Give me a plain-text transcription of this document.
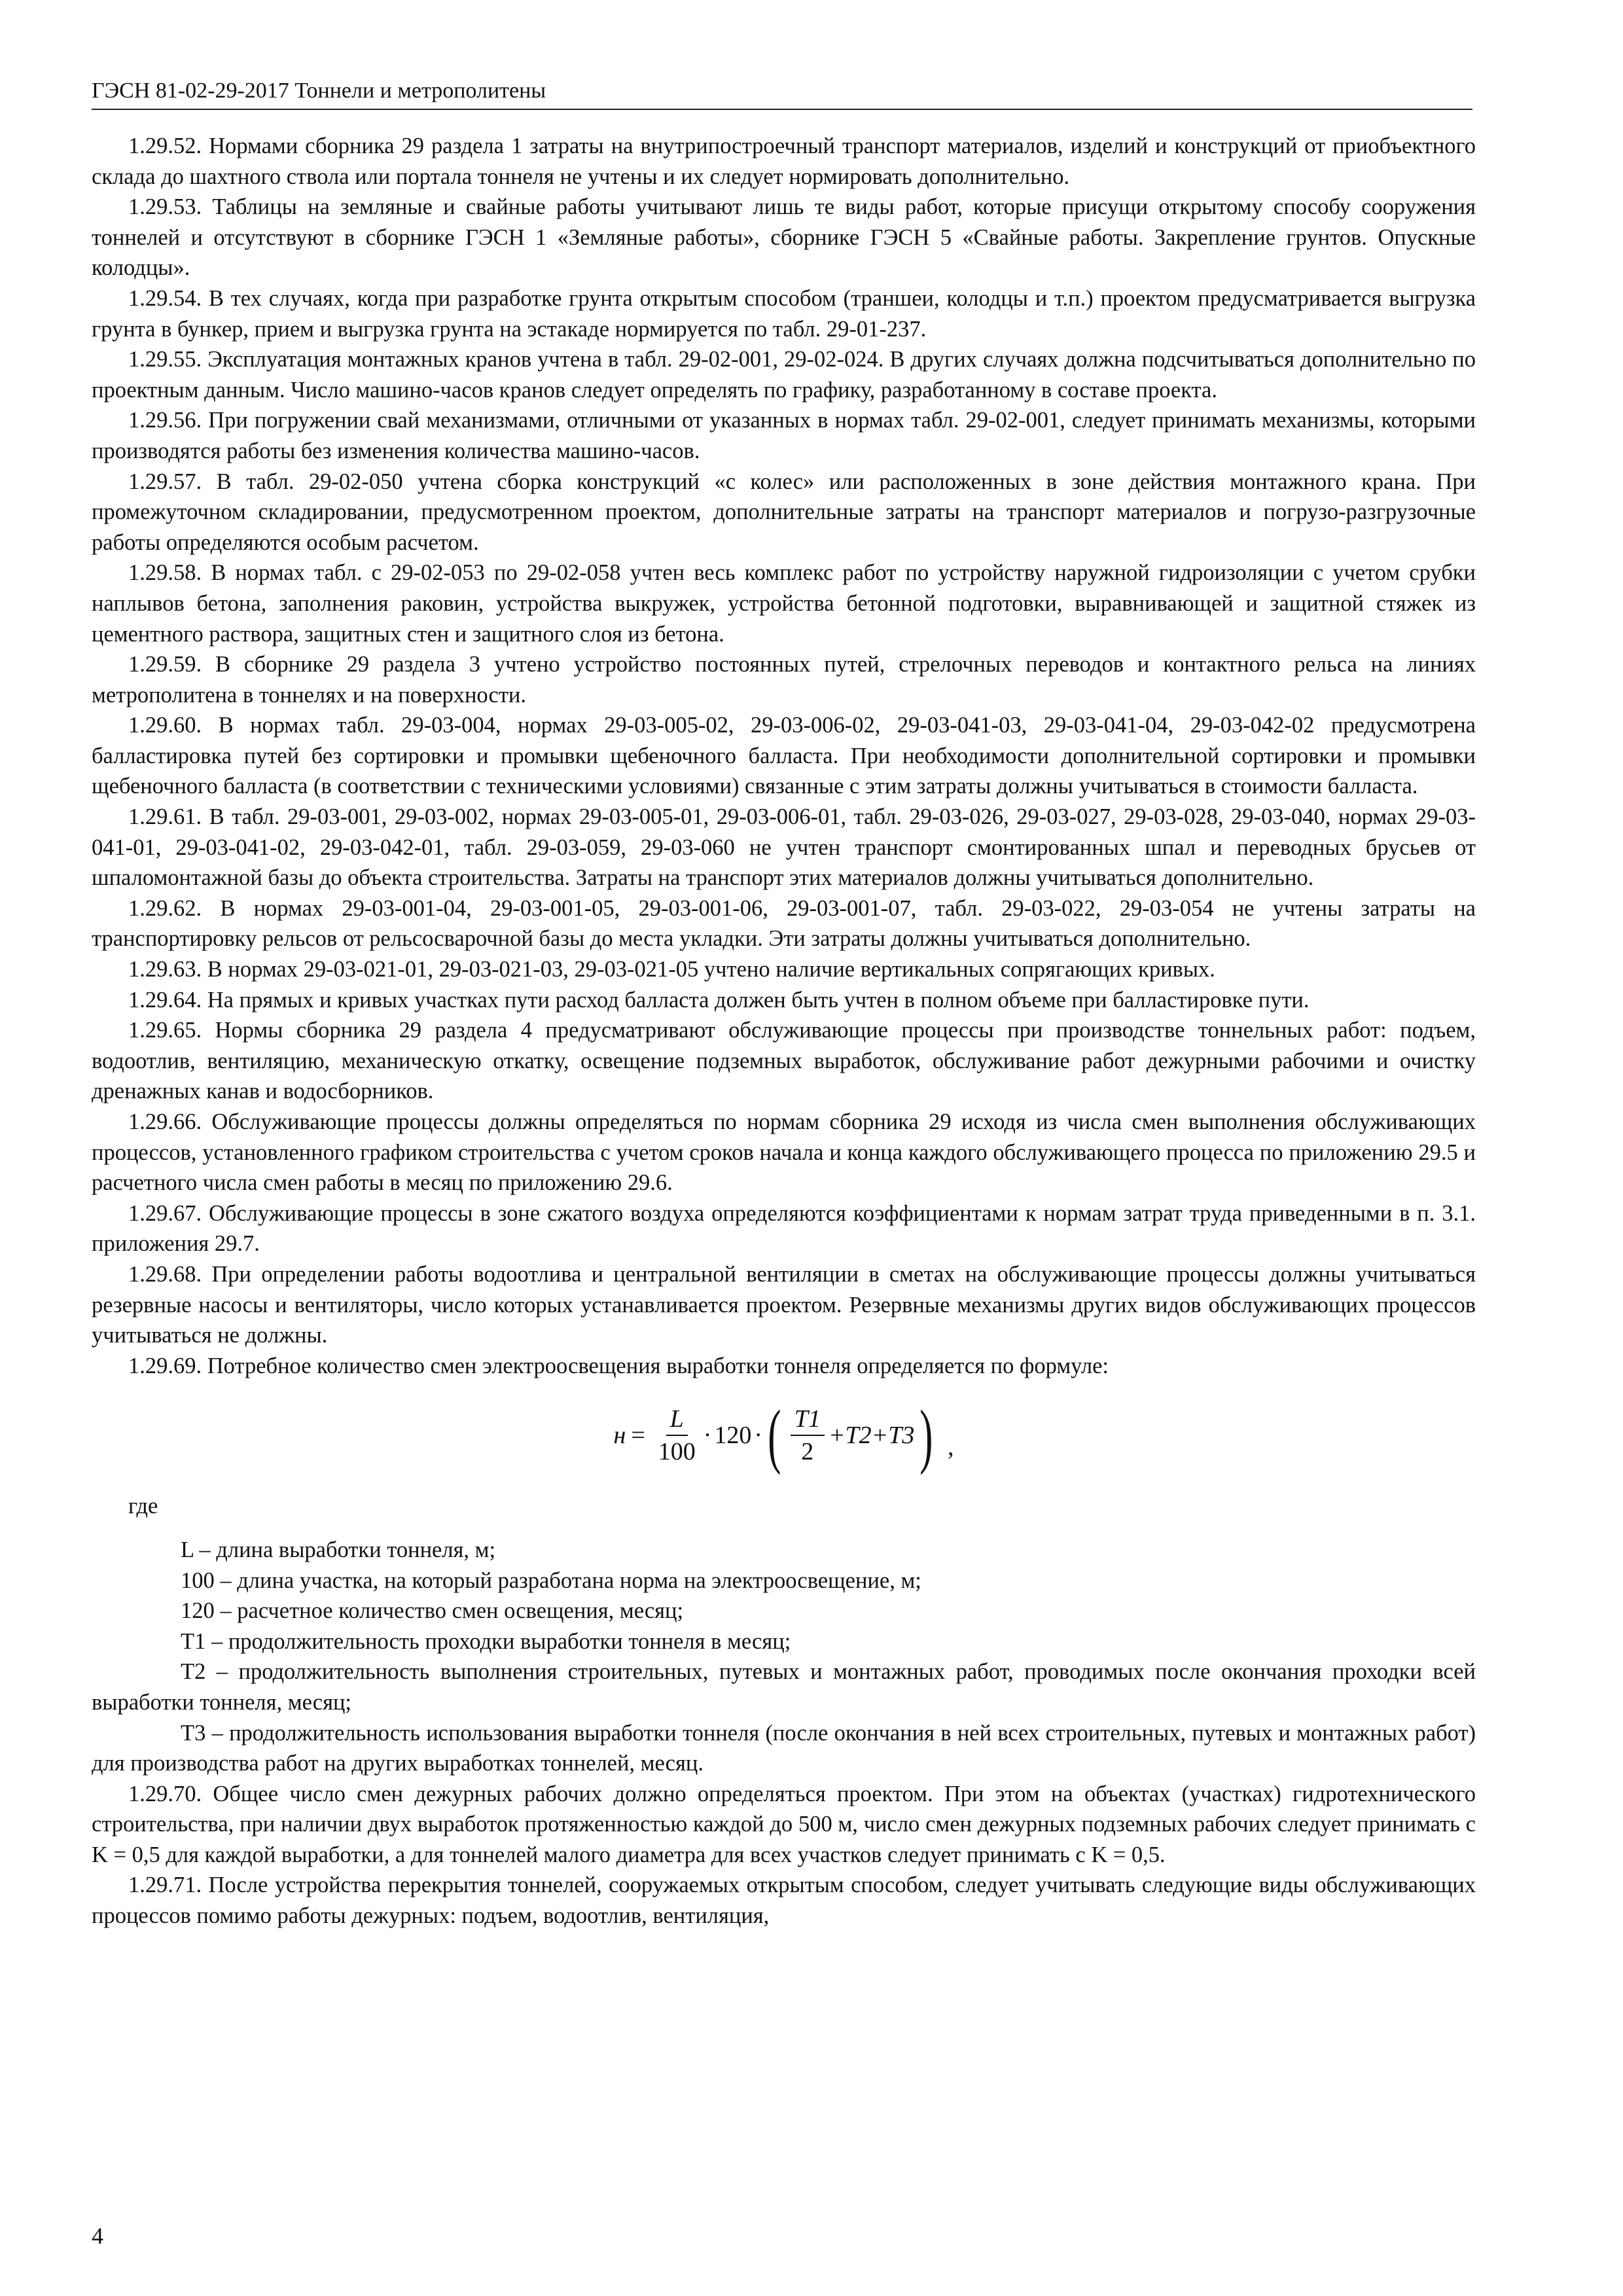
ГЭСН 81-02-29-2017 Тоннели и метрополитены

1.29.52. Нормами сборника 29 раздела 1 затраты на внутрипостроечный транспорт материалов, изделий и конструкций от приобъектного склада до шахтного ствола или портала тоннеля не учтены и их следует нормировать дополнительно.

1.29.53. Таблицы на земляные и свайные работы учитывают лишь те виды работ, которые присущи открытому способу сооружения тоннелей и отсутствуют в сборнике ГЭСН 1 «Земляные работы», сборнике ГЭСН 5 «Свайные работы. Закрепление грунтов. Опускные колодцы».

1.29.54. В тех случаях, когда при разработке грунта открытым способом (траншеи, колодцы и т.п.) проектом предусматривается выгрузка грунта в бункер, прием и выгрузка грунта на эстакаде нормируется по табл. 29-01-237.

1.29.55. Эксплуатация монтажных кранов учтена в табл. 29-02-001, 29-02-024. В других случаях должна подсчитываться дополнительно по проектным данным. Число машино-часов кранов следует определять по графику, разработанному в составе проекта.

1.29.56. При погружении свай механизмами, отличными от указанных в нормах табл. 29-02-001, следует принимать механизмы, которыми производятся работы без изменения количества машино-часов.

1.29.57. В табл. 29-02-050 учтена сборка конструкций «с колес» или расположенных в зоне действия монтажного крана. При промежуточном складировании, предусмотренном проектом, дополнительные затраты на транспорт материалов и погрузо-разгрузочные работы определяются особым расчетом.

1.29.58. В нормах табл. с 29-02-053 по 29-02-058 учтен весь комплекс работ по устройству наружной гидроизоляции с учетом срубки наплывов бетона, заполнения раковин, устройства выкружек, устройства бетонной подготовки, выравнивающей и защитной стяжек из цементного раствора, защитных стен и защитного слоя из бетона.

1.29.59. В сборнике 29 раздела 3 учтено устройство постоянных путей, стрелочных переводов и контактного рельса на линиях метрополитена в тоннелях и на поверхности.

1.29.60. В нормах табл. 29-03-004, нормах 29-03-005-02, 29-03-006-02, 29-03-041-03, 29-03-041-04, 29-03-042-02 предусмотрена балластировка путей без сортировки и промывки щебеночного балласта. При необходимости дополнительной сортировки и промывки щебеночного балласта (в соответствии с техническими условиями) связанные с этим затраты должны учитываться в стоимости балласта.

1.29.61. В табл. 29-03-001, 29-03-002, нормах 29-03-005-01, 29-03-006-01, табл. 29-03-026, 29-03-027, 29-03-028, 29-03-040, нормах 29-03-041-01, 29-03-041-02, 29-03-042-01, табл. 29-03-059, 29-03-060 не учтен транспорт смонтированных шпал и переводных брусьев от шпаломонтажной базы до объекта строительства. Затраты на транспорт этих материалов должны учитываться дополнительно.

1.29.62. В нормах 29-03-001-04, 29-03-001-05, 29-03-001-06, 29-03-001-07, табл. 29-03-022, 29-03-054 не учтены затраты на транспортировку рельсов от рельсосварочной базы до места укладки. Эти затраты должны учитываться дополнительно.

1.29.63. В нормах 29-03-021-01, 29-03-021-03, 29-03-021-05 учтено наличие вертикальных сопрягающих кривых.

1.29.64. На прямых и кривых участках пути расход балласта должен быть учтен в полном объеме при балластировке пути.

1.29.65. Нормы сборника 29 раздела 4 предусматривают обслуживающие процессы при производстве тоннельных работ: подъем, водоотлив, вентиляцию, механическую откатку, освещение подземных выработок, обслуживание работ дежурными рабочими и очистку дренажных канав и водосборников.

1.29.66. Обслуживающие процессы должны определяться по нормам сборника 29 исходя из числа смен выполнения обслуживающих процессов, установленного графиком строительства с учетом сроков начала и конца каждого обслуживающего процесса по приложению 29.5 и расчетного числа смен работы в месяц по приложению 29.6.

1.29.67. Обслуживающие процессы в зоне сжатого воздуха определяются коэффициентами к нормам затрат труда приведенными в п. 3.1. приложения 29.7.

1.29.68. При определении работы водоотлива и центральной вентиляции в сметах на обслуживающие процессы должны учитываться резервные насосы и вентиляторы, число которых устанавливается проектом. Резервные механизмы других видов обслуживающих процессов учитываться не должны.

1.29.69. Потребное количество смен электроосвещения выработки тоннеля определяется по формуле:

$н = \frac{L}{100} \cdot 120$ · ( $\frac{T1}{2} +T2+T3$ ) ,
где

L – длина выработки тоннеля, м;

100 – длина участка, на который разработана норма на электроосвещение, м;

120 – расчетное количество смен освещения, месяц;

T1 – продолжительность проходки выработки тоннеля в месяц;

T2 – продолжительность выполнения строительных, путевых и монтажных работ, проводимых после окончания проходки всей выработки тоннеля, месяц;

T3 – продолжительность использования выработки тоннеля (после окончания в ней всех строительных, путевых и монтажных работ) для производства работ на других выработках тоннелей, месяц.

1.29.70. Общее число смен дежурных рабочих должно определяться проектом. При этом на объектах (участках) гидротехнического строительства, при наличии двух выработок протяженностью каждой до 500 м, число смен дежурных подземных рабочих следует принимать с K = 0,5 для каждой выработки, а для тоннелей малого диаметра для всех участков следует принимать с K = 0,5.

1.29.71. После устройства перекрытия тоннелей, сооружаемых открытым способом, следует учитывать следующие виды обслуживающих процессов помимо работы дежурных: подъем, водоотлив, вентиляция,

4
